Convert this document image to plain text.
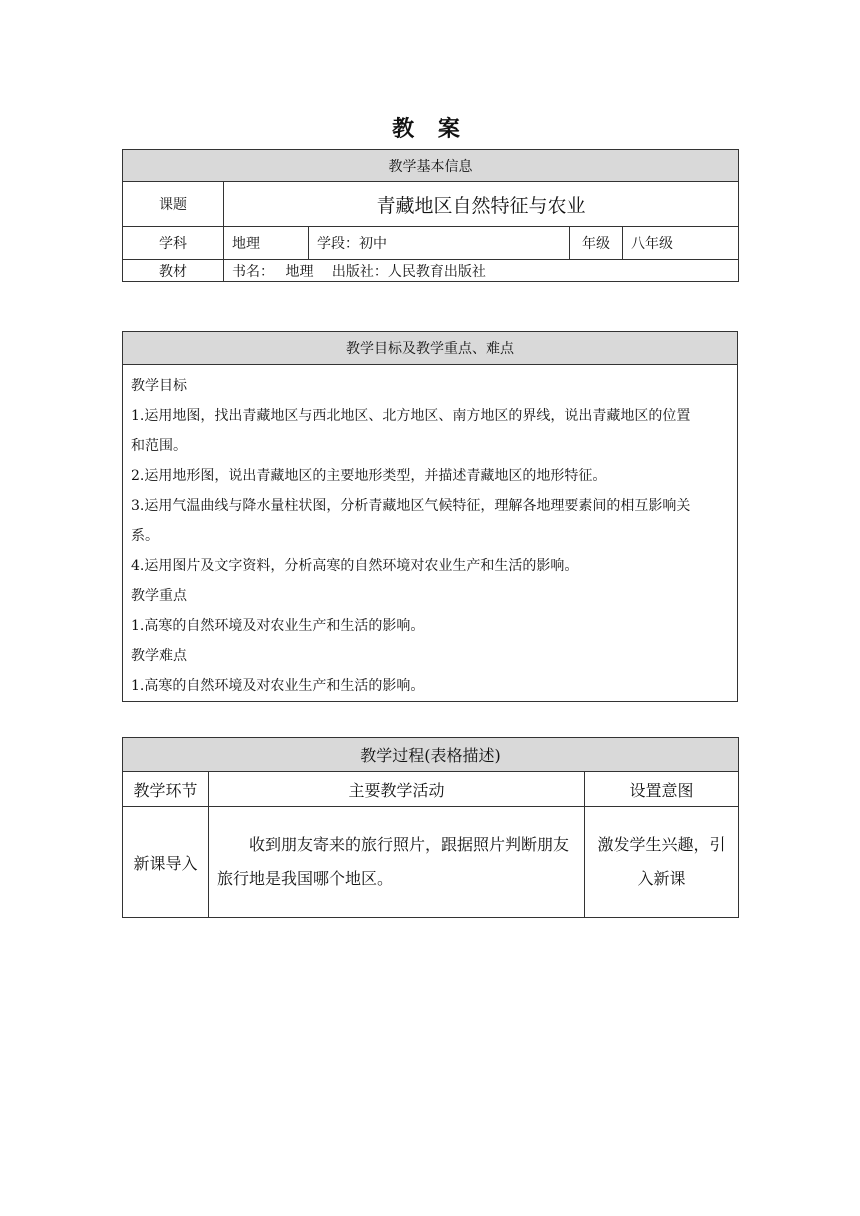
教 案
教学基本信息				
课题	青藏地区自然特征与农业			
学科	地理	学段：初中	年级	八年级
教材	书名：　 地理　 出版社：人民教育出版社			
教学目标及教学重点、难点

教学目标
1.运用地图，找出青藏地区与西北地区、北方地区、南方地区的界线，说出青藏地区的位置
和范围。
2.运用地形图，说出青藏地区的主要地形类型，并描述青藏地区的地形特征。
3.运用气温曲线与降水量柱状图，分析青藏地区气候特征，理解各地理要素间的相互影响关
系。
4.运用图片及文字资料，分析高寒的自然环境对农业生产和生活的影响。
教学重点
1.高寒的自然环境及对农业生产和生活的影响。
教学难点
1.高寒的自然环境及对农业生产和生活的影响。
教学过程(表格描述)		
教学环节	主要教学活动	设置意图
新课导入	收到朋友寄来的旅行照片，跟据照片判断朋友旅行地是我国哪个地区。	激发学生兴趣，引入新课
